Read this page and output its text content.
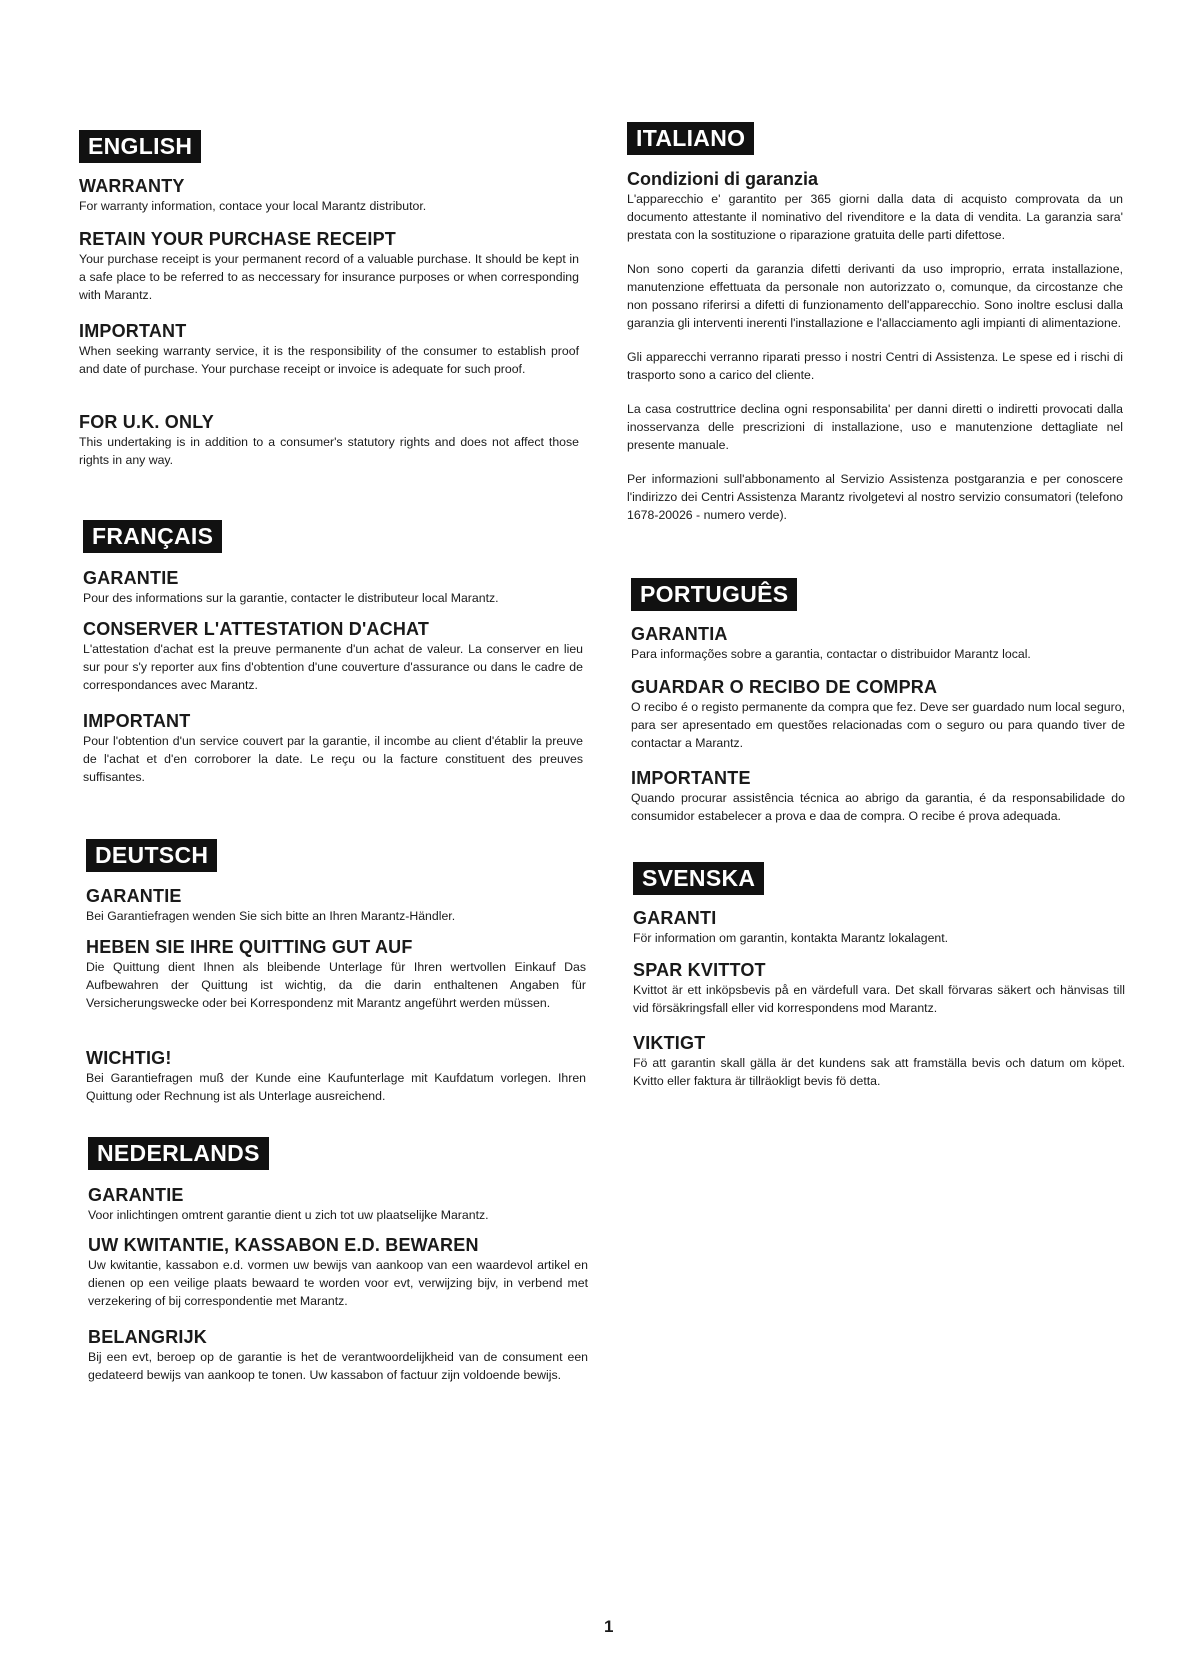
ENGLISH
WARRANTY

For warranty information, contace your local Marantz distributor.

RETAIN YOUR PURCHASE RECEIPT

Your purchase receipt is your permanent record of a valuable purchase. It should be kept in a safe place to be referred to as neccessary for insurance purposes or when corresponding with Marantz.

IMPORTANT

When seeking warranty service, it is the responsibility of the consumer to establish proof and date of purchase. Your purchase receipt or invoice is adequate for such proof.

FOR U.K. ONLY

This undertaking is in addition to a consumer's statutory rights and does not affect those rights in any way.

FRANÇAIS
GARANTIE

Pour des informations sur la garantie, contacter le distributeur local Marantz.

CONSERVER L'ATTESTATION D'ACHAT

L'attestation d'achat est la preuve permanente d'un achat de valeur. La conserver en lieu sur pour s'y reporter aux fins d'obtention d'une couverture d'assurance ou dans le cadre de correspondances avec Marantz.

IMPORTANT

Pour l'obtention d'un service couvert par la garantie, il incombe au client d'établir la preuve de l'achat et d'en corroborer la date. Le reçu ou la facture constituent des preuves suffisantes.

DEUTSCH
GARANTIE

Bei Garantiefragen wenden Sie sich bitte an Ihren Marantz-Händler.

HEBEN SIE IHRE QUITTING GUT AUF

Die Quittung dient Ihnen als bleibende Unterlage für Ihren wertvollen Einkauf Das Aufbewahren der Quittung ist wichtig, da die darin enthaltenen Angaben für Versicherungswecke oder bei Korrespondenz mit Marantz angeführt werden müssen.

WICHTIG!

Bei Garantiefragen muß der Kunde eine Kaufunterlage mit Kaufdatum vorlegen. Ihren Quittung oder Rechnung ist als Unterlage ausreichend.

NEDERLANDS
GARANTIE

Voor inlichtingen omtrent garantie dient u zich tot uw plaatselijke Marantz.

UW KWITANTIE, KASSABON E.D. BEWAREN

Uw kwitantie, kassabon e.d. vormen uw bewijs van aankoop van een waardevol artikel en dienen op een veilige plaats bewaard te worden voor evt, verwijzing bijv, in verbend met verzekering of bij correspondentie met Marantz.

BELANGRIJK

Bij een evt, beroep op de garantie is het de verantwoordelijkheid van de consument een gedateerd bewijs van aankoop te tonen. Uw kassabon of factuur zijn voldoende bewijs.

ITALIANO
Condizioni di garanzia

L'apparecchio e' garantito per 365 giorni dalla data di acquisto comprovata da un documento attestante il nominativo del rivenditore e la data di vendita. La garanzia sara' prestata con la sostituzione o riparazione gratuita delle parti difettose.

Non sono coperti da garanzia difetti derivanti da uso improprio, errata installazione, manutenzione effettuata da personale non autorizzato o, comunque, da circostanze che non possano riferirsi a difetti di funzionamento dell'apparecchio. Sono inoltre esclusi dalla garanzia gli interventi inerenti l'installazione e l'allacciamento agli impianti di alimentazione.

Gli apparecchi verranno riparati presso i nostri Centri di Assistenza. Le spese ed i rischi di trasporto sono a carico del cliente.

La casa costruttrice declina ogni responsabilita' per danni diretti o indiretti provocati dalla inosservanza delle prescrizioni di installazione, uso e manutenzione dettagliate nel presente manuale.

Per informazioni sull'abbonamento al Servizio Assistenza postgaranzia e per conoscere l'indirizzo dei Centri Assistenza Marantz rivolgetevi al nostro servizio consumatori (telefono 1678-20026 - numero verde).

PORTUGUÊS
GARANTIA

Para informações sobre a garantia, contactar o distribuidor Marantz local.

GUARDAR O RECIBO DE COMPRA

O recibo é o registo permanente da compra que fez. Deve ser guardado num local seguro, para ser apresentado em questões relacionadas com o seguro ou para quando tiver de contactar a Marantz.

IMPORTANTE

Quando procurar assistência técnica ao abrigo da garantia, é da responsabilidade do consumidor estabelecer a prova e daa de compra. O recibe é prova adequada.

SVENSKA
GARANTI

För information om garantin, kontakta Marantz lokalagent.

SPAR KVITTOT

Kvittot är ett inköpsbevis på en värdefull vara. Det skall förvaras säkert och hänvisas till vid försäkringsfall eller vid korrespondens mod Marantz.

VIKTIGT

Fö att garantin skall gälla är det kundens sak att framställa bevis och datum om köpet. Kvitto eller faktura är tillräokligt bevis fö detta.

1
